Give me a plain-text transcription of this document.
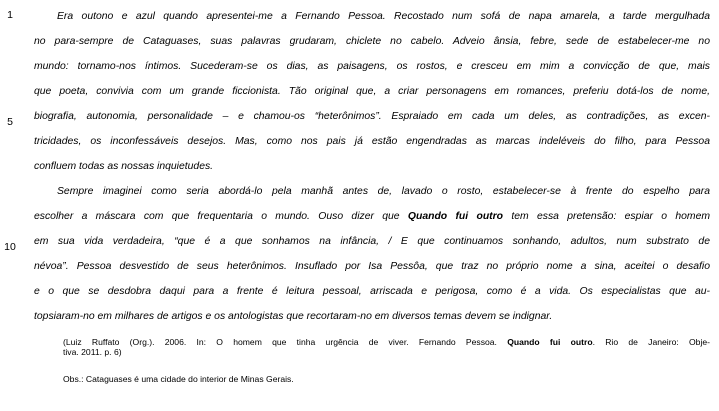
1
5
10
Era outono e azul quando apresentei-me a Fernando Pessoa. Recostado num sofá de napa amarela, a tarde mergulhada
no para-sempre de Cataguases, suas palavras grudaram, chiclete no cabelo. Adveio ânsia, febre, sede de estabelecer-me no
mundo: tornamo-nos íntimos. Sucederam-se os dias, as paisagens, os rostos, e cresceu em mim a convicção de que, mais
que poeta, convivia com um grande ficcionista. Tão original que, a criar personagens em romances, preferiu dotá-los de nome,
biografia, autonomia, personalidade – e chamou-os “heterônimos”. Espraiado em cada um deles, as contradições, as excen-
tricidades, os inconfessáveis desejos. Mas, como nos pais já estão engendradas as marcas indeléveis do filho, para Pessoa
confluem todas as nossas inquietudes.
Sempre imaginei como seria abordá-lo pela manhã antes de, lavado o rosto, estabelecer-se à frente do espelho para
escolher a máscara com que frequentaria o mundo. Ouso dizer que Quando fui outro tem essa pretensão: espiar o homem
em sua vida verdadeira, “que é a que sonhamos na infância, / E que continuamos sonhando, adultos, num substrato de
névoa”. Pessoa desvestido de seus heterônimos. Insuflado por Isa Pessôa, que traz no próprio nome a sina, aceitei o desafio
e o que se desdobra daqui para a frente é leitura pessoal, arriscada e perigosa, como é a vida. Os especialistas que au-
topsiaram-no em milhares de artigos e os antologistas que recortaram-no em diversos temas devem se indignar.
(Luiz Ruffato (Org.). 2006. In: O homem que tinha urgência de viver. Fernando Pessoa. Quando fui outro. Rio de Janeiro: Obje-
tiva. 2011. p. 6)
Obs.: Cataguases é uma cidade do interior de Minas Gerais.
